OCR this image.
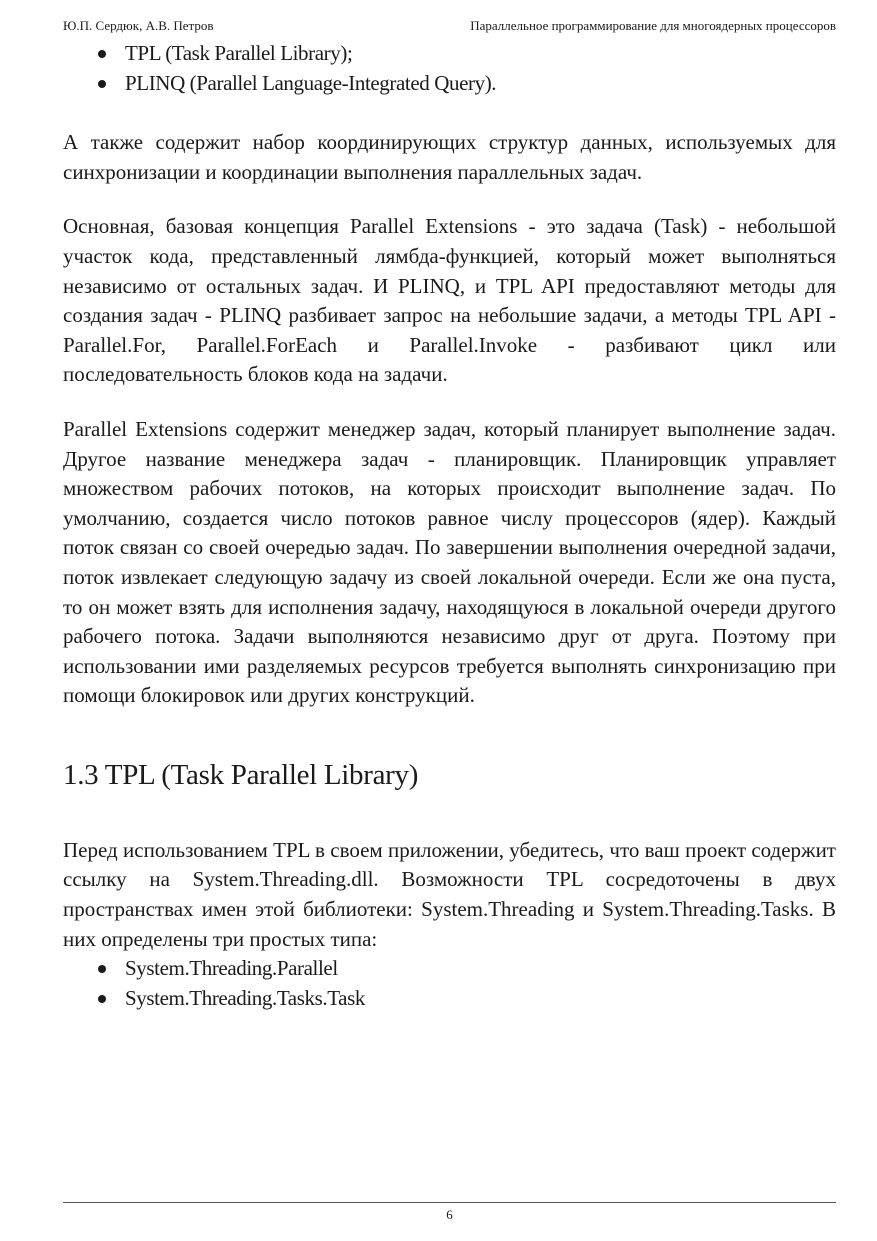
Ю.П. Сердюк, А.В. Петров	Параллельное программирование для многоядерных процессоров
TPL (Task Parallel Library);
PLINQ (Parallel Language-Integrated Query).

А также содержит набор координирующих структур данных, используемых для синхронизации и координации выполнения параллельных задач.

Основная, базовая концепция Parallel Extensions - это задача (Task) - небольшой участок кода, представленный лямбда-функцией, который может выполняться независимо от остальных задач. И PLINQ, и TPL API предоставляют методы для создания задач - PLINQ разбивает запрос на небольшие задачи, а методы TPL API - Parallel.For, Parallel.ForEach и Parallel.Invoke - разбивают цикл или последовательность блоков кода на задачи.

Parallel Extensions содержит менеджер задач, который планирует выполнение задач. Другое название менеджера задач - планировщик. Планировщик управляет множеством рабочих потоков, на которых происходит выполнение задач. По умолчанию, создается число потоков равное числу процессоров (ядер). Каждый поток связан со своей очередью задач. По завершении выполнения очередной задачи, поток извлекает следующую задачу из своей локальной очереди. Если же она пуста, то он может взять для исполнения задачу, находящуюся в локальной очереди другого рабочего потока. Задачи выполняются независимо друг от друга. Поэтому при использовании ими разделяемых ресурсов требуется выполнять синхронизацию при помощи блокировок или других конструкций.

1.3 TPL (Task Parallel Library)

Перед использованием TPL в своем приложении, убедитесь, что ваш проект содержит ссылку на System.Threading.dll. Возможности TPL сосредоточены в двух пространствах имен этой библиотеки: System.Threading и System.Threading.Tasks. В них определены три простых типа:

System.Threading.Parallel
System.Threading.Tasks.Task
6
